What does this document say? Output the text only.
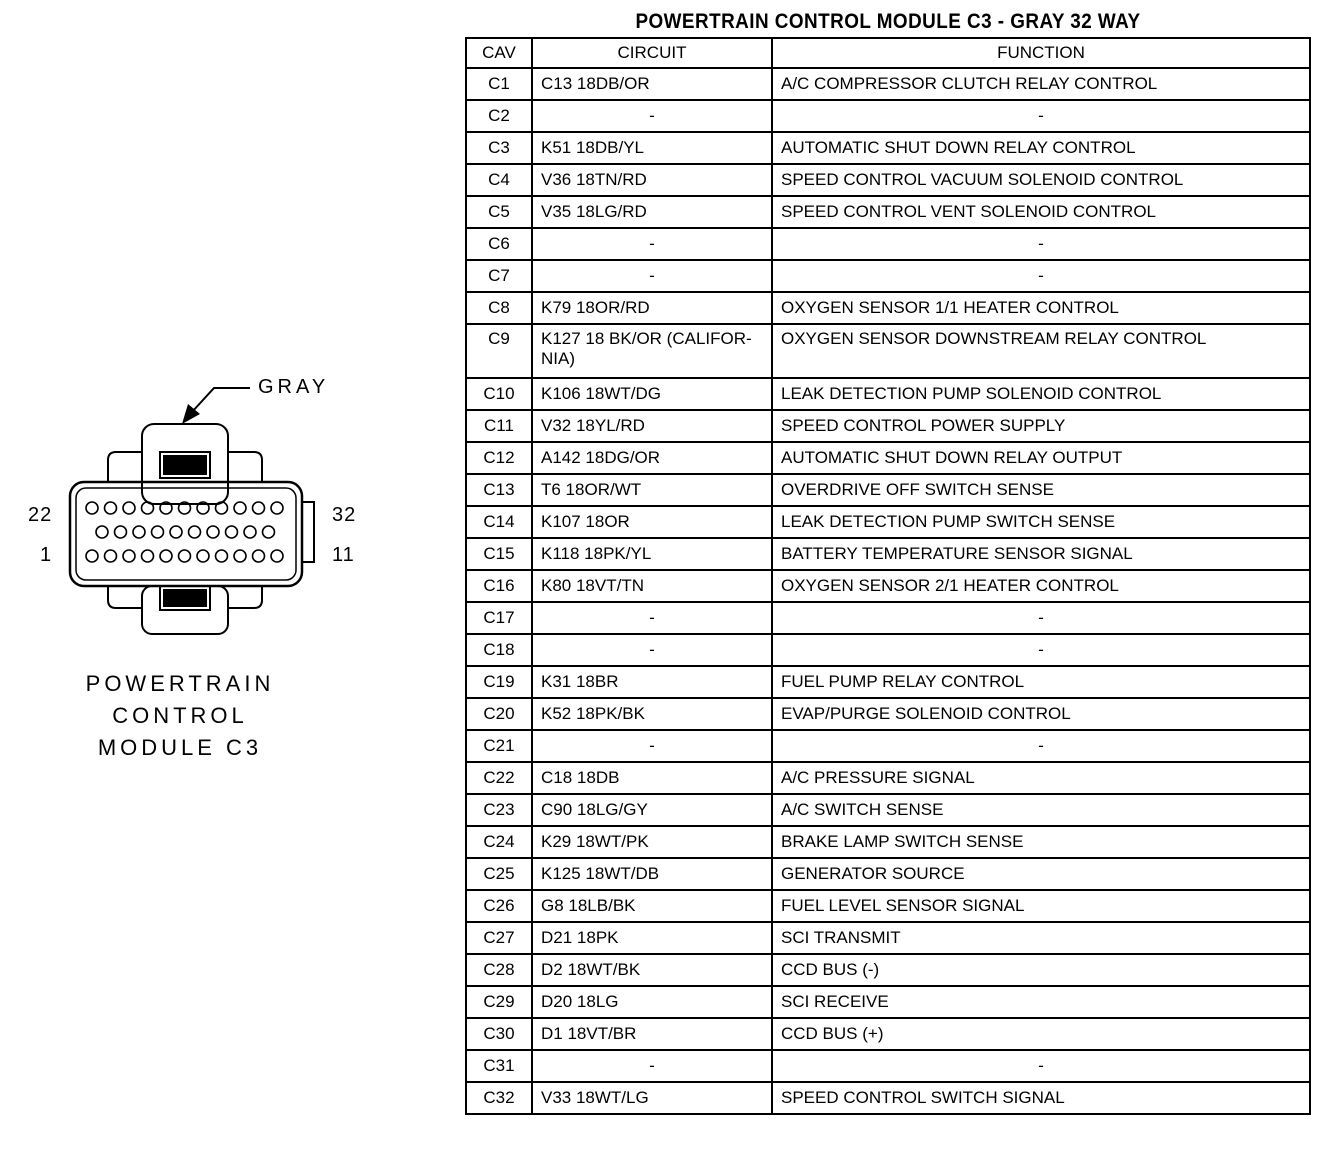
GRAY
22
1
32
11
POWERTRAIN
CONTROL
MODULE C3
POWERTRAIN CONTROL MODULE C3 - GRAY 32 WAY
CAV	CIRCUIT	FUNCTION
C1	C13 18DB/OR	A/C COMPRESSOR CLUTCH RELAY CONTROL
C2	-	-
C3	K51 18DB/YL	AUTOMATIC SHUT DOWN RELAY CONTROL
C4	V36 18TN/RD	SPEED CONTROL VACUUM SOLENOID CONTROL
C5	V35 18LG/RD	SPEED CONTROL VENT SOLENOID CONTROL
C6	-	-
C7	-	-
C8	K79 18OR/RD	OXYGEN SENSOR 1/1 HEATER CONTROL
C9	K127 18 BK/OR (CALIFOR-NIA)	OXYGEN SENSOR DOWNSTREAM RELAY CONTROL
C10	K106 18WT/DG	LEAK DETECTION PUMP SOLENOID CONTROL
C11	V32 18YL/RD	SPEED CONTROL POWER SUPPLY
C12	A142 18DG/OR	AUTOMATIC SHUT DOWN RELAY OUTPUT
C13	T6 18OR/WT	OVERDRIVE OFF SWITCH SENSE
C14	K107 18OR	LEAK DETECTION PUMP SWITCH SENSE
C15	K118 18PK/YL	BATTERY TEMPERATURE SENSOR SIGNAL
C16	K80 18VT/TN	OXYGEN SENSOR 2/1 HEATER CONTROL
C17	-	-
C18	-	-
C19	K31 18BR	FUEL PUMP RELAY CONTROL
C20	K52 18PK/BK	EVAP/PURGE SOLENOID CONTROL
C21	-	-
C22	C18 18DB	A/C PRESSURE SIGNAL
C23	C90 18LG/GY	A/C SWITCH SENSE
C24	K29 18WT/PK	BRAKE LAMP SWITCH SENSE
C25	K125 18WT/DB	GENERATOR SOURCE
C26	G8 18LB/BK	FUEL LEVEL SENSOR SIGNAL
C27	D21 18PK	SCI TRANSMIT
C28	D2 18WT/BK	CCD BUS (-)
C29	D20 18LG	SCI RECEIVE
C30	D1 18VT/BR	CCD BUS (+)
C31	-	-
C32	V33 18WT/LG	SPEED CONTROL SWITCH SIGNAL
